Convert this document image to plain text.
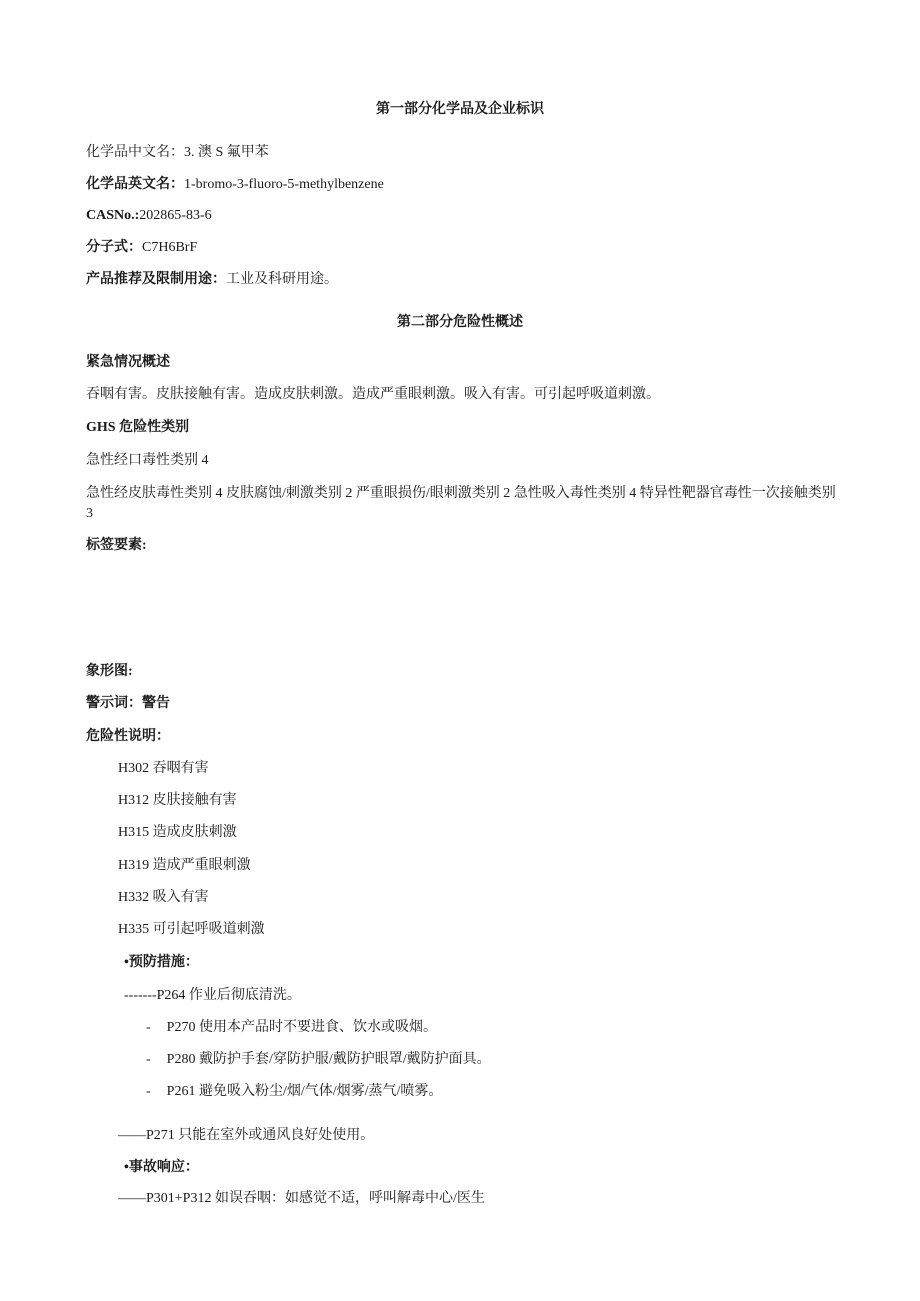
第一部分化学品及企业标识
化学品中文名：3. 澳 S 氟甲苯
化学品英文名：1-bromo-3-fluoro-5-methylbenzene
CASNo.:202865-83-6
分子式：C7H6BrF
产品推荐及限制用途：工业及科研用途。
第二部分危险性概述
紧急情况概述
吞咽有害。皮肤接触有害。造成皮肤刺激。造成严重眼刺激。吸入有害。可引起呼吸道刺激。
GHS 危险性类别
急性经口毒性类别 4
急性经皮肤毒性类别 4 皮肤腐蚀/刺激类别 2 严重眼损伤/眼刺激类别 2 急性吸入毒性类别 4 特异性靶器官毒性一次接触类别 3
标签要素:
象形图:
警示词：警告
危险性说明：
H302 吞咽有害
H312 皮肤接触有害
H315 造成皮肤刺激
H319 造成严重眼刺激
H332 吸入有害
H335 可引起呼吸道刺激
•预防措施：
-------P264 作业后彻底清洗。
- P270 使用本产品时不要进食、饮水或吸烟。
- P280 戴防护手套/穿防护服/戴防护眼罩/戴防护面具。
- P261 避免吸入粉尘/烟/气体/烟雾/蒸气/喷雾。
——P271 只能在室外或通风良好处使用。
•事故响应：
——P301+P312 如误吞咽：如感觉不适，呼叫解毒中心/医生
